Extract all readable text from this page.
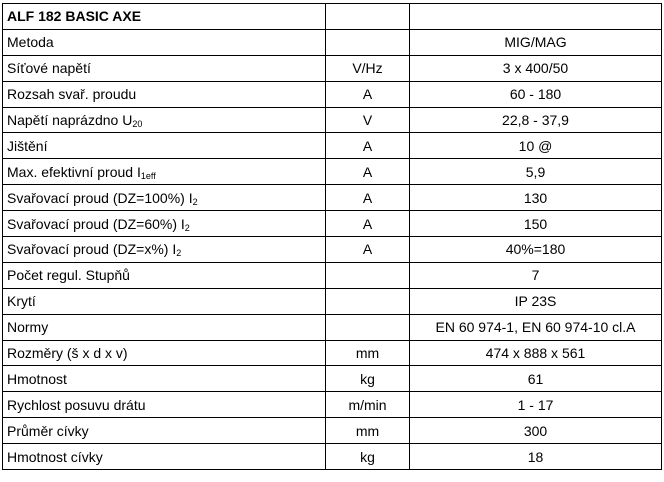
ALF 182 BASIC AXE		
Metoda		MIG/MAG
Síťové napětí	V/Hz	3 x 400/50
Rozsah svař. proudu	A	60 - 180
Napětí naprázdno $U_{20}$	V	22,8 - 37,9
Jištění	A	10 @
Max. efektivní proud $I_{1eff}$	A	5,9
Svařovací proud (DZ=100%) $I_2$	A	130
Svařovací proud (DZ=60%) $I_2$	A	150
Svařovací proud (DZ=x%) $I_2$	A	40%=180
Počet regul. Stupňů		7
Krytí		IP 23S
Normy		EN 60 974-1, EN 60 974-10 cl.A
Rozměry (š x d x v)	mm	474 x 888 x 561
Hmotnost	kg	61
Rychlost posuvu drátu	m/min	1 - 17
Průměr cívky	mm	300
Hmotnost cívky	kg	18
